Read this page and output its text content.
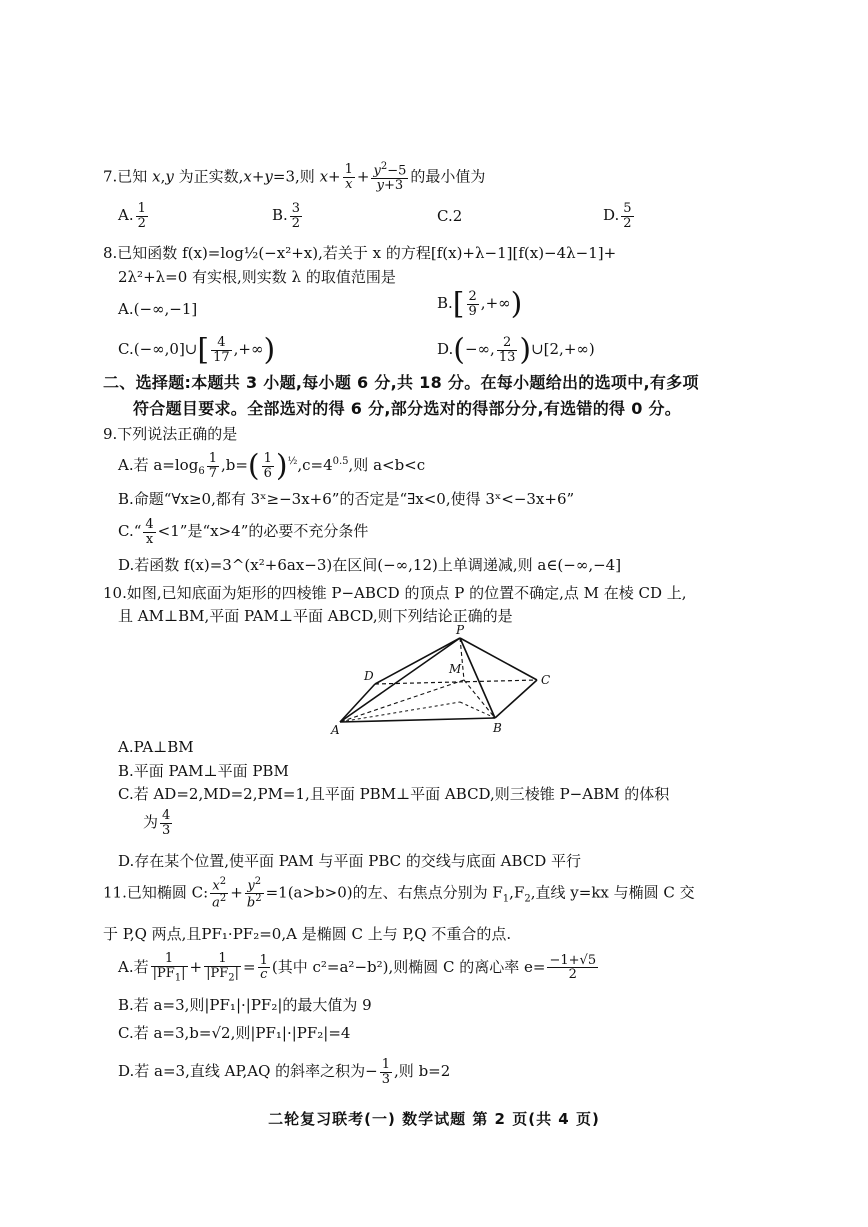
7.已知 x,y 为正实数,x+y=3,则 $x+ \frac{1}{x} + \frac{y^2-5}{y+3}$ 的最小值为
A. $\frac{1}{2}$	B. $\frac{3}{2}$	C.2	D. $\frac{5}{2}$
8.已知函数 f(x)=log½(−x²+x),若关于 x 的方程[f(x)+λ−1][f(x)−4λ−1]+
2λ²+λ=0 有实根,则实数 λ 的取值范围是
A.(−∞,−1]	$B.[ \frac{2}{9}$ ,+∞)
C.(−∞,0]∪[ $\frac{4}{17}$ ,+∞)	D.(−∞, $\frac{2}{13}$ )∪[2,+∞)
二、选择题:本题共 3 小题,每小题 6 分,共 18 分。在每小题给出的选项中,有多项
符合题目要求。全部选对的得 6 分,部分选对的得部分分,有选错的得 0 分。
9.下列说法正确的是
A.若 $a=\log_6 \frac{1}{7} ,b=( \frac{1}{6} )^{\frac{1}{2}},c=4^{0.5}$,则 a<b<c
B.命题“∀x≥0,都有 3ˣ≥−3x+6”的否定是“∃x<0,使得 3ˣ<−3x+6”
C.“ $\frac{4}{x} <1$”是“x>4”的必要不充分条件
D.若函数 f(x)=3^(x²+6ax−3)在区间(−∞,12)上单调递减,则 a∈(−∞,−4]
10.如图,已知底面为矩形的四棱锥 P−ABCD 的顶点 P 的位置不确定,点 M 在棱 CD 上,
且 AM⊥BM,平面 PAM⊥平面 ABCD,则下列结论正确的是
P
M
D	C
A	B
A.PA⊥BM
B.平面 PAM⊥平面 PBM
C.若 AD=2,MD=2,PM=1,且平面 PBM⊥平面 ABCD,则三棱锥 P−ABM 的体积
为 $\frac{4}{3}$
D.存在某个位置,使平面 PAM 与平面 PBC 的交线与底面 ABCD 平行
11.已知椭圆 C: $\frac{x^2}{a^2} + \frac{y^2}{b^2} =1(a>b>0)$的左、右焦点分别为 $F_1,F_2$,直线 y=kx 与椭圆 C 交
于 P,Q 两点,且PF₁·PF₂=0,A 是椭圆 C 上与 P,Q 不重合的点.
A.若 $\frac{1}{|PF_1|} + \frac{1}{|PF_2|} = \frac{1}{c}$ (其中 c²=a²−b²),则椭圆 C 的离心率 $e= \frac{-1+√5}{2}$
B.若 a=3,则|PF₁|·|PF₂|的最大值为 9
C.若 a=3,b=√2,则|PF₁|·|PF₂|=4
D.若 a=3,直线 AP,AQ 的斜率之积为− $\frac{1}{3}$ ,则 b=2
二轮复习联考(一) 数学试题 第 2 页(共 4 页)
